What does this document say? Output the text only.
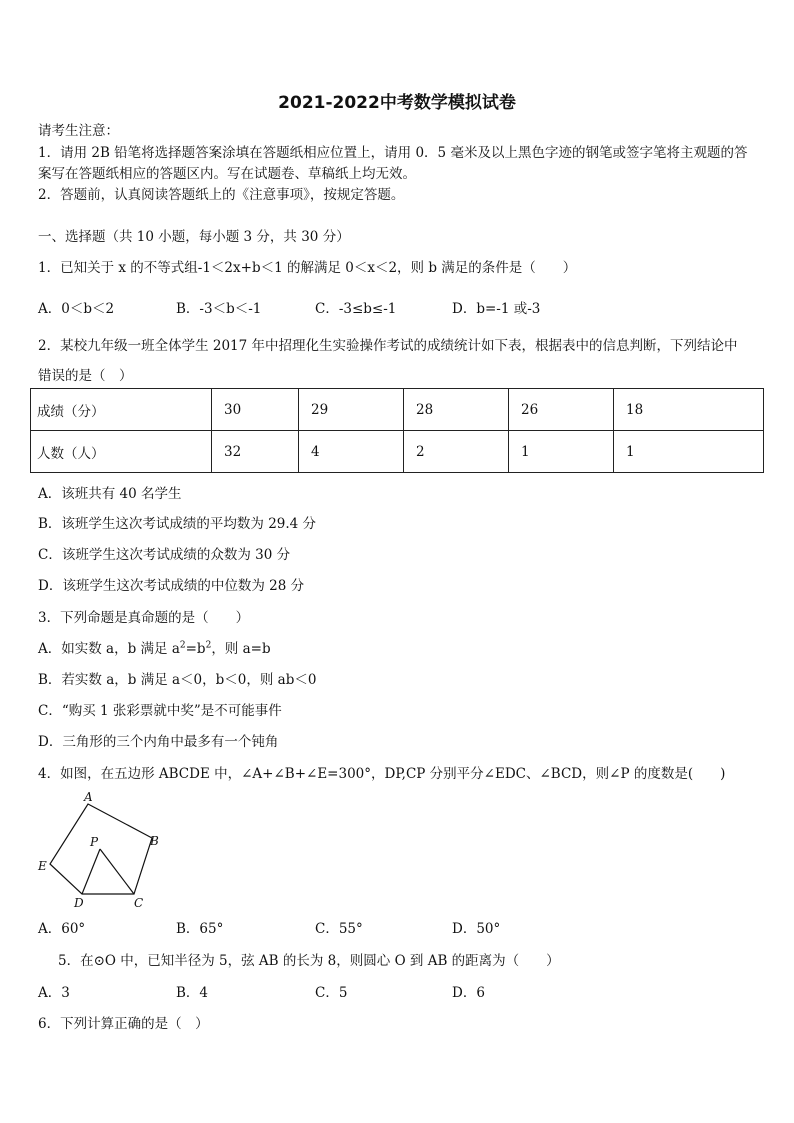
2021-2022中考数学模拟试卷
请考生注意：
1．请用 2B 铅笔将选择题答案涂填在答题纸相应位置上，请用 0．5 毫米及以上黑色字迹的钢笔或签字笔将主观题的答
案写在答题纸相应的答题区内。写在试题卷、草稿纸上均无效。
2．答题前，认真阅读答题纸上的《注意事项》，按规定答题。
一、选择题（共 10 小题，每小题 3 分，共 30 分）
1．已知关于 x 的不等式组-1＜2x+b＜1 的解满足 0＜x＜2，则 b 满足的条件是（　　）
A．0＜b＜2	B．-3＜b＜-1	C．-3≤b≤-1	D．b=-1 或-3
2．某校九年级一班全体学生 2017 年中招理化生实验操作考试的成绩统计如下表，根据表中的信息判断，下列结论中
错误的是（　）
成绩（分）	30	29	28	26	18
人数（人）	32	4	2	1	1
A．该班共有 40 名学生
B．该班学生这次考试成绩的平均数为 29.4 分
C．该班学生这次考试成绩的众数为 30 分
D．该班学生这次考试成绩的中位数为 28 分
3．下列命题是真命题的是（　　）
A．如实数 a，b 满足 $a^2=b^2$，则 a=b
B．若实数 a，b 满足 a＜0，b＜0，则 ab＜0
C．“购买 1 张彩票就中奖”是不可能事件
D．三角形的三个内角中最多有一个钝角
4．如图，在五边形 ABCDE 中，∠A+∠B+∠E=300°，DP,CP 分别平分∠EDC、∠BCD，则∠P 的度数是(　　)
A
B
C
D
E
P
A．60°	B．65°	C．55°	D．50°
5．在⊙O 中，已知半径为 5，弦 AB 的长为 8，则圆心 O 到 AB 的距离为（　　）
A．3	B．4	C．5	D．6
6．下列计算正确的是（　）
